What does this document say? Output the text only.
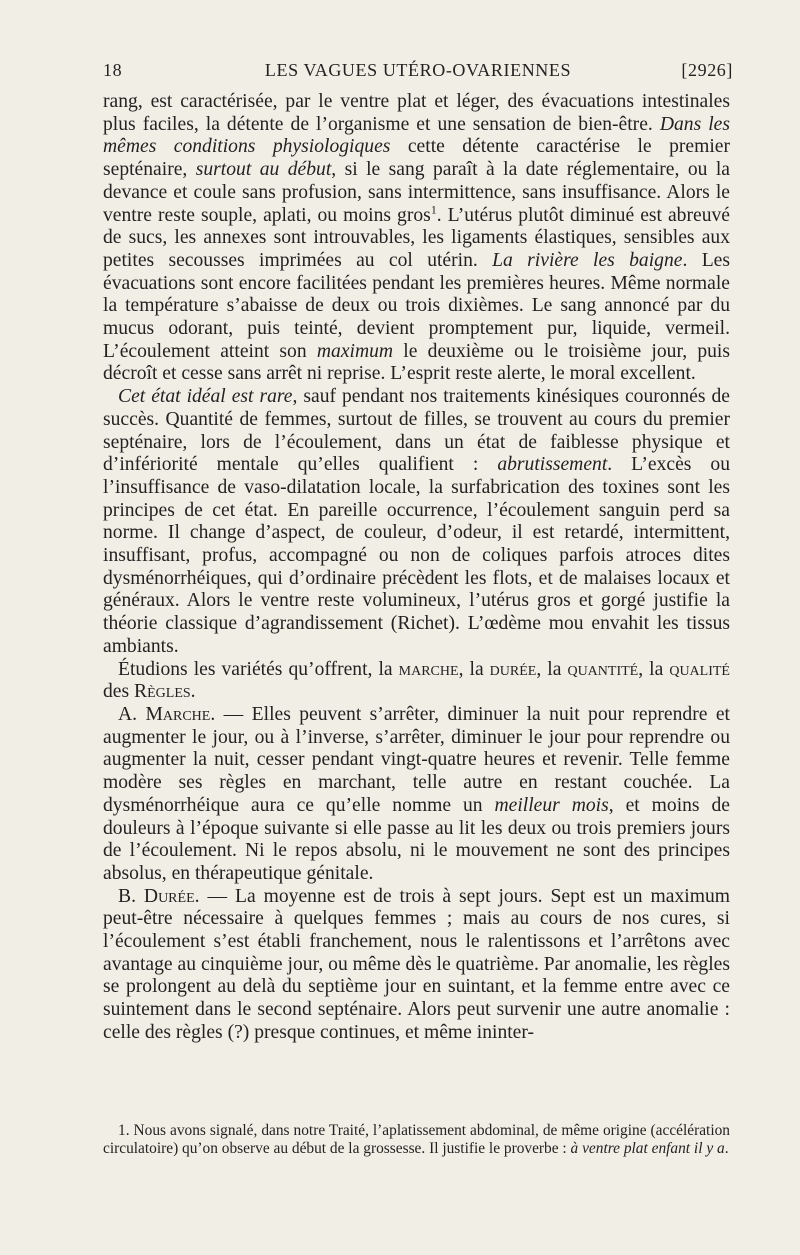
18	LES VAGUES UTÉRO-OVARIENNES	[2926]

rang, est caractérisée, par le ventre plat et léger, des évacuations intestinales plus faciles, la détente de l’organisme et une sensation de bien-être. Dans les mêmes conditions physiologiques cette détente caractérise le premier septénaire, surtout au début, si le sang paraît à la date réglementaire, ou la devance et coule sans profusion, sans intermittence, sans insuffisance. Alors le ventre reste souple, aplati, ou moins gros$^1$. L’utérus plutôt diminué est abreuvé de sucs, les annexes sont introuvables, les ligaments élastiques, sensibles aux petites secousses imprimées au col utérin. La rivière les baigne. Les évacuations sont encore facilitées pendant les premières heures. Même normale la température s’abaisse de deux ou trois dixièmes. Le sang annoncé par du mucus odorant, puis teinté, devient promptement pur, liquide, vermeil. L’écoulement atteint son maximum le deuxième ou le troisième jour, puis décroît et cesse sans arrêt ni reprise. L’esprit reste alerte, le moral excellent.

Cet état idéal est rare, sauf pendant nos traitements kinésiques couronnés de succès. Quantité de femmes, surtout de filles, se trouvent au cours du premier septénaire, lors de l’écoulement, dans un état de faiblesse physique et d’infériorité mentale qu’elles qualifient : abrutissement. L’excès ou l’insuffisance de vaso-dilatation locale, la surfabrication des toxines sont les principes de cet état. En pareille occurrence, l’écoulement sanguin perd sa norme. Il change d’aspect, de couleur, d’odeur, il est retardé, intermittent, insuffisant, profus, accompagné ou non de coliques parfois atroces dites dysménorrhéiques, qui d’ordinaire précèdent les flots, et de malaises locaux et généraux. Alors le ventre reste volumineux, l’utérus gros et gorgé justifie la théorie classique d’agrandissement (Richet). L’œdème mou envahit les tissus ambiants.

Étudions les variétés qu’offrent, la marche, la durée, la quantité, la qualité des Règles.

A. Marche. — Elles peuvent s’arrêter, diminuer la nuit pour reprendre et augmenter le jour, ou à l’inverse, s’arrêter, diminuer le jour pour reprendre ou augmenter la nuit, cesser pendant vingt-quatre heures et revenir. Telle femme modère ses règles en marchant, telle autre en restant couchée. La dysménorrhéique aura ce qu’elle nomme un meilleur mois, et moins de douleurs à l’époque suivante si elle passe au lit les deux ou trois premiers jours de l’écoulement. Ni le repos absolu, ni le mouvement ne sont des principes absolus, en thérapeutique génitale.

B. Durée. — La moyenne est de trois à sept jours. Sept est un maximum peut-être nécessaire à quelques femmes ; mais au cours de nos cures, si l’écoulement s’est établi franchement, nous le ralentissons et l’arrêtons avec avantage au cinquième jour, ou même dès le quatrième. Par anomalie, les règles se prolongent au delà du septième jour en suintant, et la femme entre avec ce suintement dans le second septénaire. Alors peut survenir une autre anomalie : celle des règles (?) presque continues, et même ininter-

1. Nous avons signalé, dans notre Traité, l’aplatissement abdominal, de même origine (accélération circulatoire) qu’on observe au début de la grossesse. Il justifie le proverbe : à ventre plat enfant il y a.
